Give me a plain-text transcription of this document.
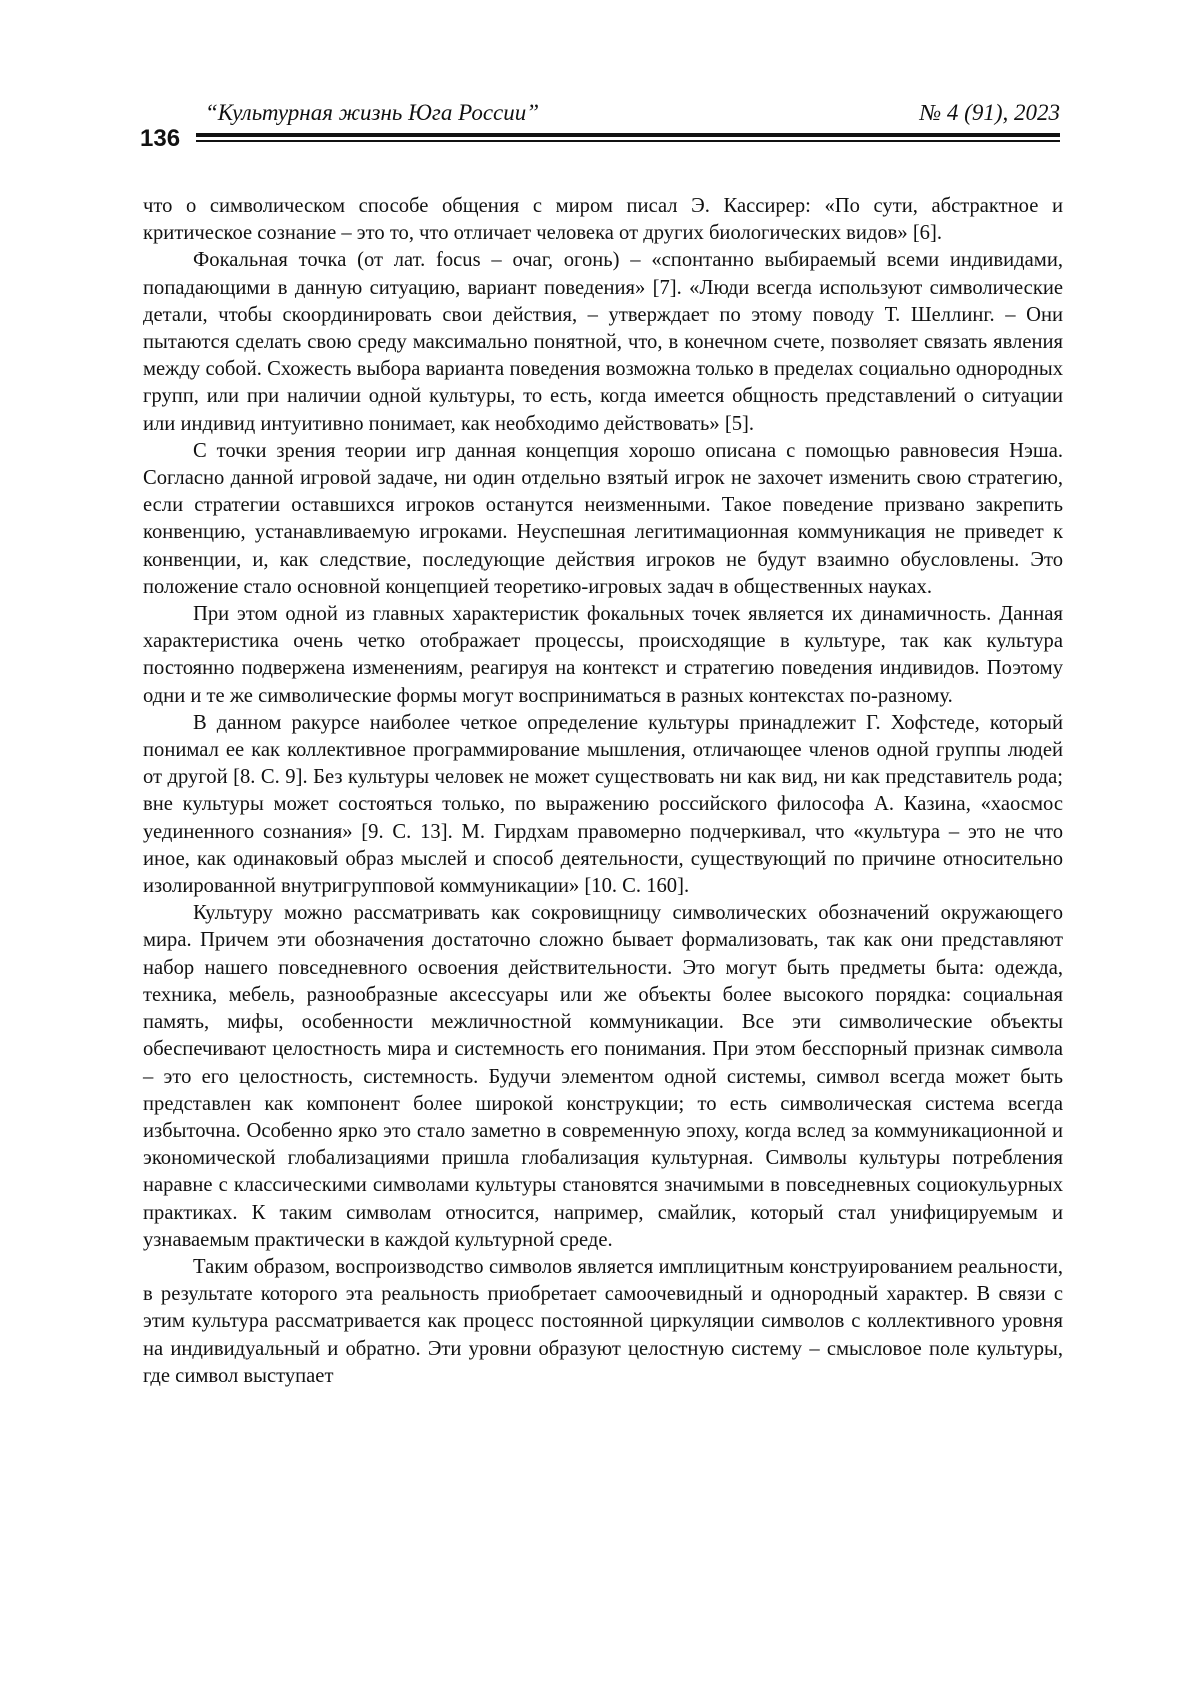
“Культурная жизнь Юга России”	№ 4 (91), 2023
136

что о символическом способе общения с миром писал Э. Кассирер: «По сути, абстрактное и критическое сознание – это то, что отличает человека от других биологических видов» [6].

Фокальная точка (от лат. focus – очаг, огонь) – «спонтанно выбираемый всеми индивидами, попадающими в данную ситуацию, вариант поведения» [7]. «Люди всегда используют символические детали, чтобы скоординировать свои действия, – утверждает по этому поводу Т. Шеллинг. – Они пытаются сделать свою среду максимально понятной, что, в конечном счете, позволяет связать явления между собой. Схожесть выбора варианта поведения возможна только в пределах социально однородных групп, или при наличии одной культуры, то есть, когда имеется общность представлений о ситуации или индивид интуитивно понимает, как необходимо действовать» [5].

С точки зрения теории игр данная концепция хорошо описана с помощью равновесия Нэша. Согласно данной игровой задаче, ни один отдельно взятый игрок не захочет изменить свою стратегию, если стратегии оставшихся игроков останутся неизменными. Такое поведение призвано закрепить конвенцию, устанавливаемую игроками. Неуспешная легитимационная коммуникация не приведет к конвенции, и, как следствие, последующие действия игроков не будут взаимно обусловлены. Это положение стало основной концепцией теоретико-игровых задач в общественных науках.

При этом одной из главных характеристик фокальных точек является их динамичность. Данная характеристика очень четко отображает процессы, происходящие в культуре, так как культура постоянно подвержена изменениям, реагируя на контекст и стратегию поведения индивидов. Поэтому одни и те же символические формы могут восприниматься в разных контекстах по-разному.

В данном ракурсе наиболее четкое определение культуры принадлежит Г. Хофстеде, который понимал ее как коллективное программирование мышления, отличающее членов одной группы людей от другой [8. С. 9]. Без культуры человек не может существовать ни как вид, ни как представитель рода; вне культуры может состояться только, по выражению российского философа А. Казина, «хаосмос уединенного сознания» [9. С. 13]. М. Гирдхам правомерно подчеркивал, что «культура – это не что иное, как одинаковый образ мыслей и способ деятельности, существующий по причине относительно изолированной внутригрупповой коммуникации» [10. С. 160].

Культуру можно рассматривать как сокровищницу символических обозначений окружающего мира. Причем эти обозначения достаточно сложно бывает формализовать, так как они представляют набор нашего повседневного освоения действительности. Это могут быть предметы быта: одежда, техника, мебель, разнообразные аксессуары или же объекты более высокого порядка: социальная память, мифы, особенности межличностной коммуникации. Все эти символические объекты обеспечивают целостность мира и системность его понимания. При этом бесспорный признак символа – это его целостность, системность. Будучи элементом одной системы, символ всегда может быть представлен как компонент более широкой конструкции; то есть символическая система всегда избыточна. Особенно ярко это стало заметно в современную эпоху, когда вслед за коммуникационной и экономической глобализациями пришла глобализация культурная. Символы культуры потребления наравне с классическими символами культуры становятся значимыми в повседневных социокульурных практиках. К таким символам относится, например, смайлик, который стал унифицируемым и узнаваемым практически в каждой культурной среде.

Таким образом, воспроизводство символов является имплицитным конструированием реальности, в результате которого эта реальность приобретает самоочевидный и однородный характер. В связи с этим культура рассматривается как процесс постоянной циркуляции символов с коллективного уровня на индивидуальный и обратно. Эти уровни образуют целостную систему – смысловое поле культуры, где символ выступает
